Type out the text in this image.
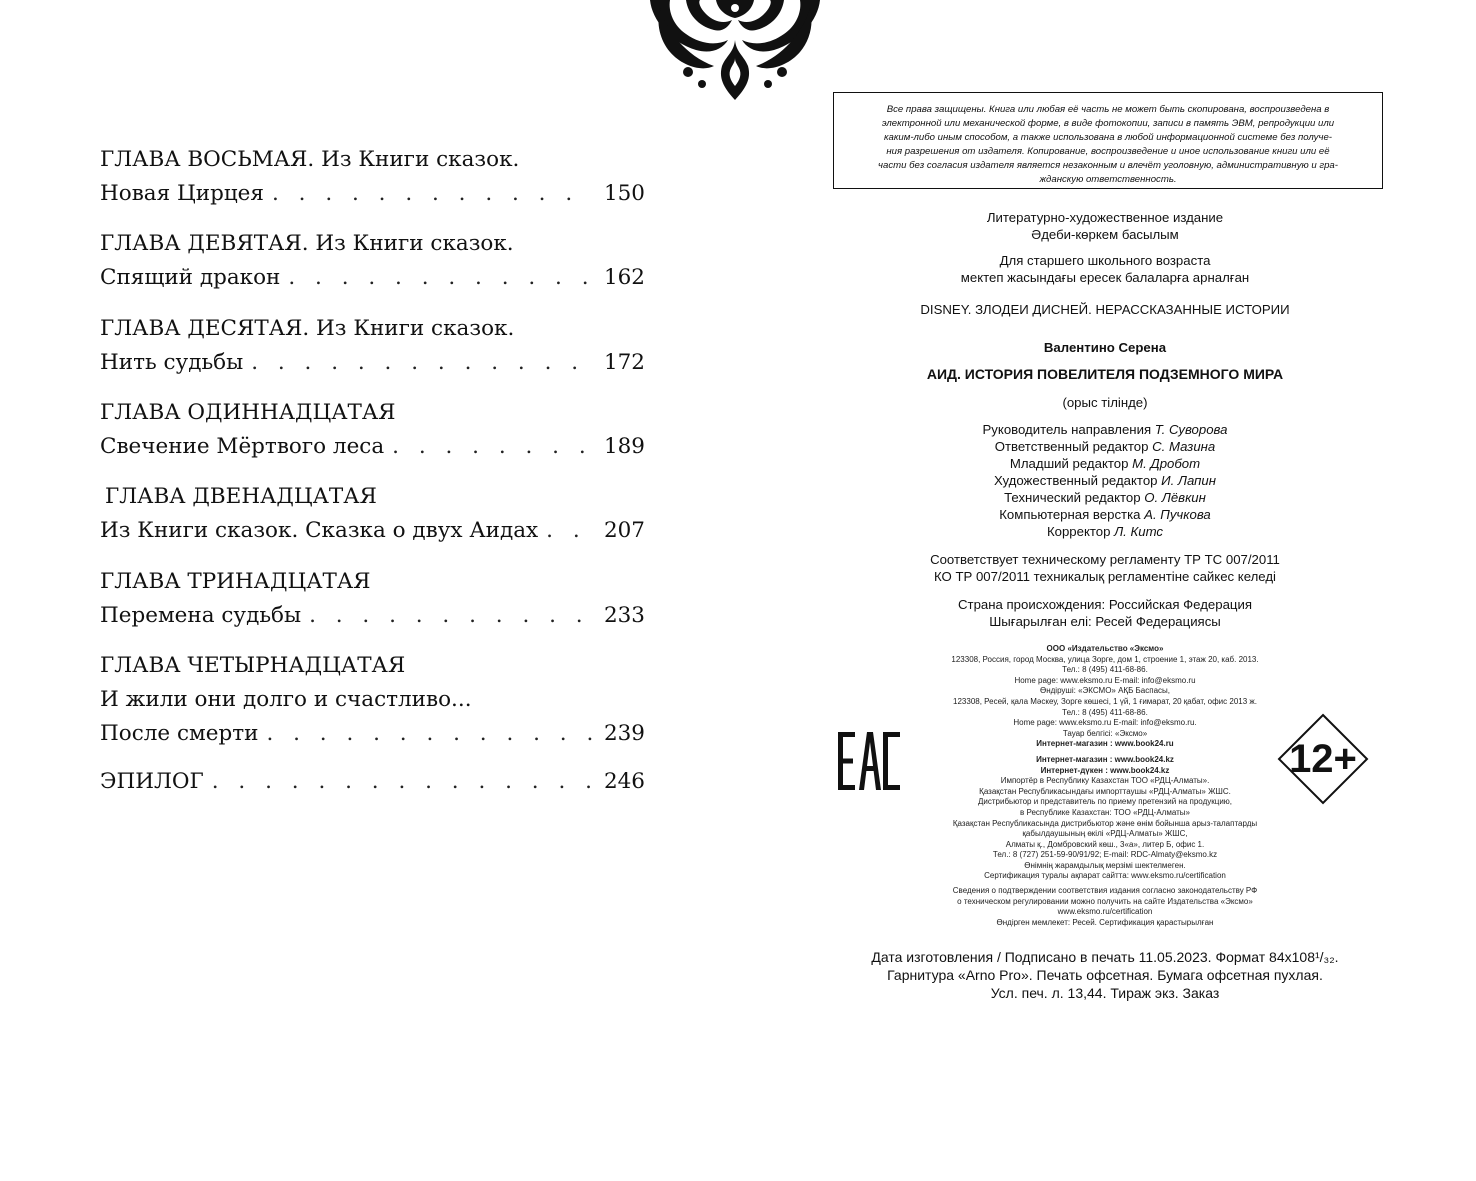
ГЛАВА ВОСЬМАЯ. Из Книги сказок.
Новая Цирцея . . .	150
ГЛАВА ДЕВЯТАЯ. Из Книги сказок.
Спящий дракон . . .	162
ГЛАВА ДЕСЯТАЯ. Из Книги сказок.
Нить судьбы . . .	172
ГЛАВА ОДИННАДЦАТАЯ
Свечение Мёртвого леса . . .	189
ГЛАВА ДВЕНАДЦАТАЯ
Из Книги сказок. Сказка о двух Аидах . . .	207
ГЛАВА ТРИНАДЦАТАЯ
Перемена судьбы . . .	233
ГЛАВА ЧЕТЫРНАДЦАТАЯ
И жили они долго и счастливо...
После смерти . . .	239
ЭПИЛОГ . . .	246
Все права защищены. Книга или любая её часть не может быть скопирована, воспроизведена в
электронной или механической форме, в виде фотокопии, записи в память ЭВМ, репродукции или
каким-либо иным способом, а также использована в любой информационной системе без получе-
ния разрешения от издателя. Копирование, воспроизведение и иное использование книги или её
части без согласия издателя является незаконным и влечёт уголовную, административную и гра-
жданскую ответственность.
Литературно-художественное издание
Әдеби-көркем басылым
Для старшего школьного возраста
мектеп жасындағы ересек балаларға арналған
DISNEY. ЗЛОДЕИ ДИСНЕЙ. НЕРАССКАЗАННЫЕ ИСТОРИИ
Валентино Серена
АИД. ИСТОРИЯ ПОВЕЛИТЕЛЯ ПОДЗЕМНОГО МИРА
(орыс тілінде)
Руководитель направления Т. Суворова
Ответственный редактор С. Мазина
Младший редактор М. Дробот
Художественный редактор И. Лапин
Технический редактор О. Лёвкин
Компьютерная верстка А. Пучкова
Корректор Л. Китс
Соответствует техническому регламенту ТР ТС 007/2011
КО ТР 007/2011 техникалық регламентіне сайкес келеді
Страна происхождения: Российская Федерация
Шығарылған елі: Ресей Федерациясы
ООО «Издательство «Эксмо»
123308, Россия, город Москва, улица Зорге, дом 1, строение 1, этаж 20, каб. 2013.
Тел.: 8 (495) 411-68-86.
Home page: www.eksmo.ru E-mail: info@eksmo.ru
Өндіруші: «ЭКСМО» АҚБ Баспасы,
123308, Ресей, қала Мәскеу, Зорге көшесі, 1 үй, 1 ғимарат, 20 қабат, офис 2013 ж.
Тел.: 8 (495) 411-68-86.
Home page: www.eksmo.ru E-mail: info@eksmo.ru.
Тауар белгісі: «Эксмо»
Интернет-магазин : www.book24.ru
Интернет-магазин : www.book24.kz
Интернет-дүкен : www.book24.kz
Импортёр в Республику Казахстан ТОО «РДЦ-Алматы».
Қазақстан Республикасындағы импорттаушы «РДЦ-Алматы» ЖШС.
Дистрибьютор и представитель по приему претензий на продукцию,
в Республике Казахстан: ТОО «РДЦ-Алматы»
Қазақстан Республикасында дистрибьютор және өнім бойынша арыз-талаптарды
қабылдаушының өкілі «РДЦ-Алматы» ЖШС,
Алматы қ., Домбровский көш., 3«а», литер Б, офис 1.
Тел.: 8 (727) 251-59-90/91/92; E-mail: RDC-Almaty@eksmo.kz
Өнімнің жарамдылық мерзімі шектелмеген.
Сертификация туралы ақпарат сайтта: www.eksmo.ru/certification
Сведения о подтверждении соответствия издания согласно законодательству РФ
о техническом регулировании можно получить на сайте Издательства «Эксмо»
www.eksmo.ru/certification
Өндірген мемлекет: Ресей. Сертификация қарастырылған
12+
Дата изготовления / Подписано в печать 11.05.2023. Формат 84x108¹/₃₂.
Гарнитура «Arno Pro». Печать офсетная. Бумага офсетная пухлая.
Усл. печ. л. 13,44. Тираж экз. Заказ
